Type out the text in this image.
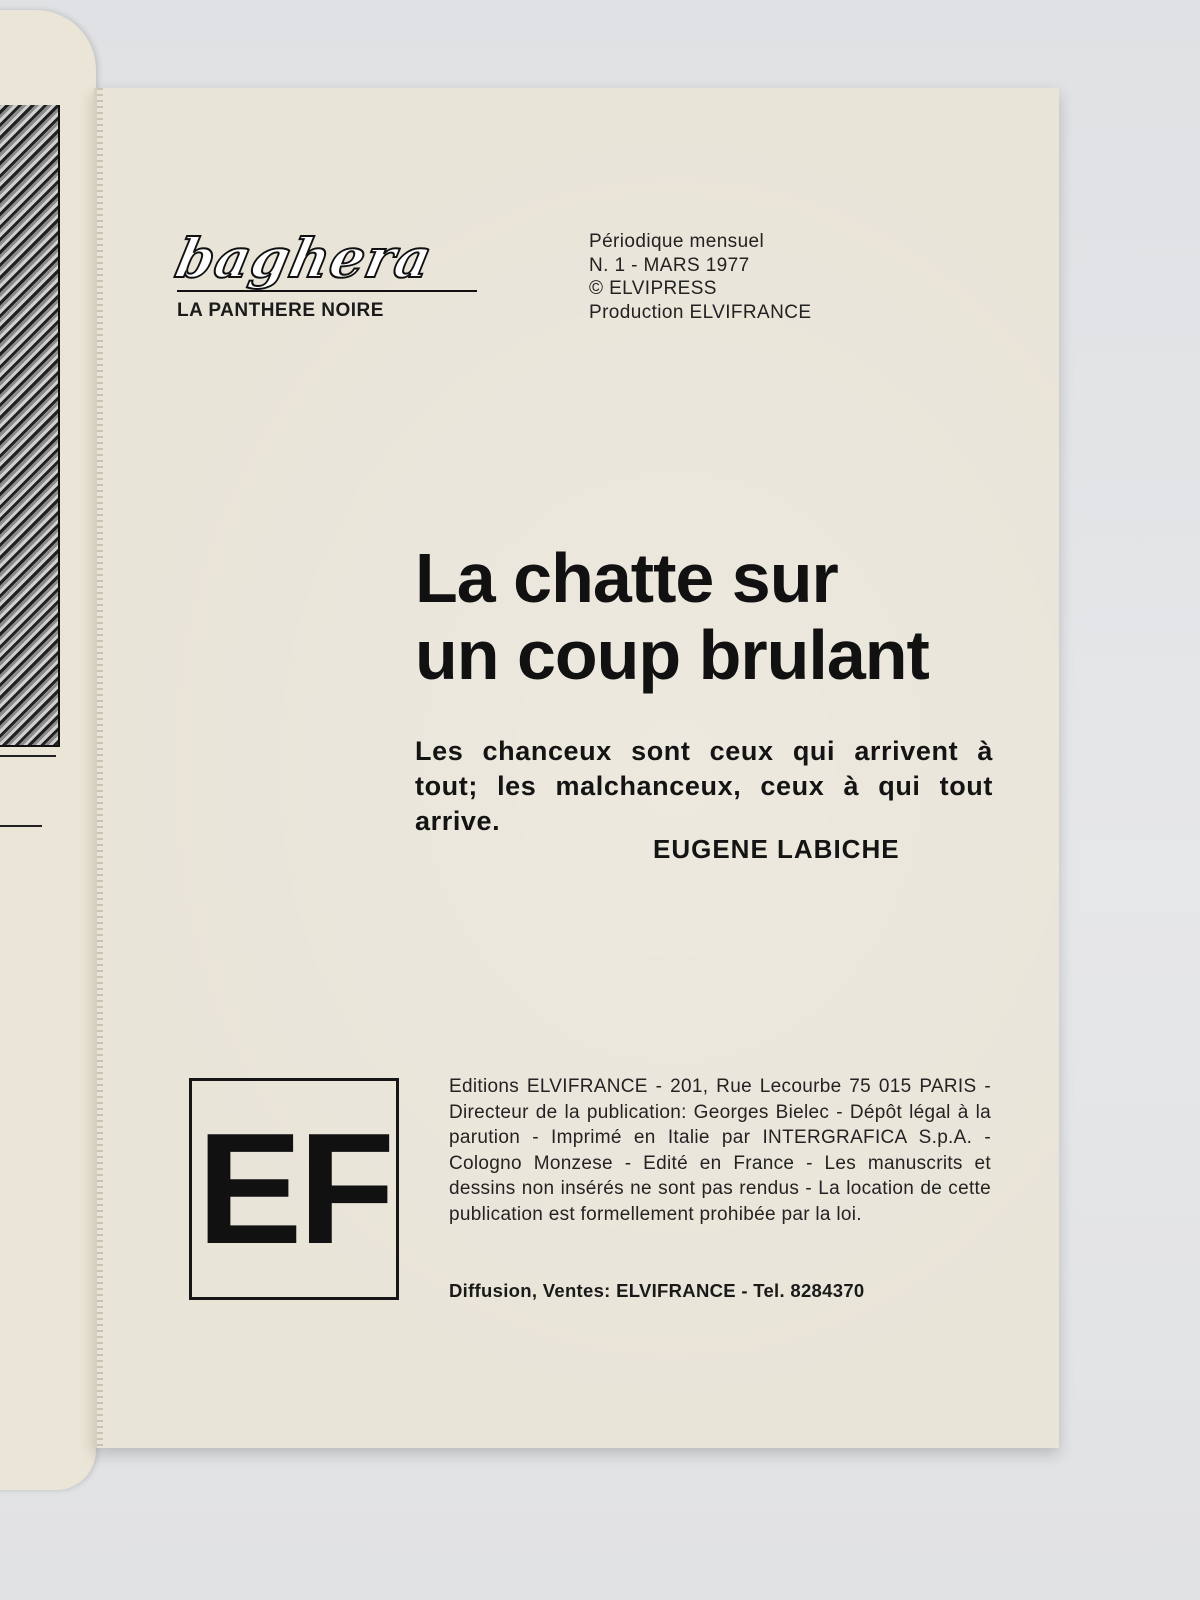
baghera
LA PANTHERE NOIRE
Périodique mensuel
N. 1 - MARS 1977
© ELVIPRESS
Production ELVIFRANCE
La chatte sur
un coup brulant
Les chanceux sont ceux qui arrivent à tout; les malchanceux, ceux à qui tout arrive.
EUGENE LABICHE
EF
Editions ELVIFRANCE - 201, Rue Lecourbe 75 015 PARIS - Directeur de la publication: Georges Bielec - Dépôt légal à la parution - Imprimé en Italie par INTERGRAFICA S.p.A. - Cologno Monzese - Edité en France - Les manuscrits et dessins non insérés ne sont pas rendus - La location de cette publication est formellement prohibée par la loi.
Diffusion, Ventes: ELVIFRANCE - Tel. 8284370
